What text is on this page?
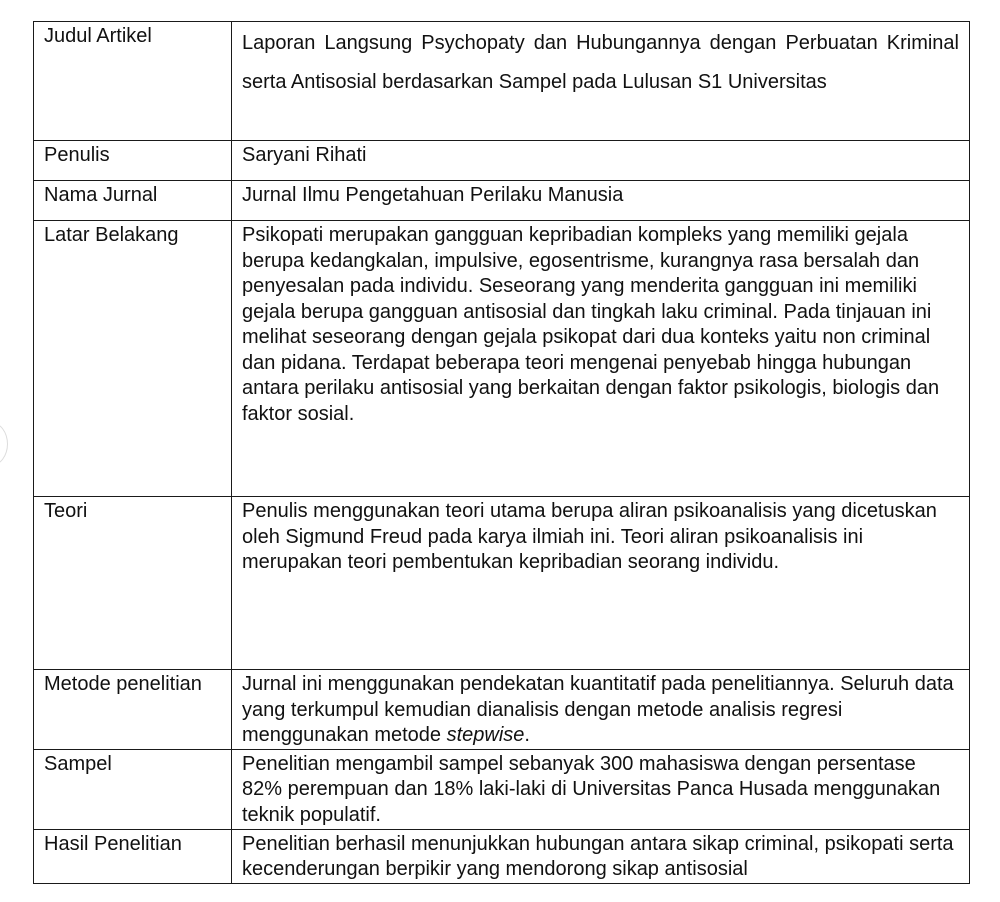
Judul Artikel	Laporan Langsung Psychopaty dan Hubungannya dengan Perbuatan Kriminal serta Antisosial berdasarkan Sampel pada Lulusan S1 Universitas
Penulis	Saryani Rihati
Nama Jurnal	Jurnal Ilmu Pengetahuan Perilaku Manusia
Latar Belakang	Psikopati merupakan gangguan kepribadian kompleks yang memiliki gejala berupa kedangkalan, impulsive, egosentrisme, kurangnya rasa bersalah dan penyesalan pada individu. Seseorang yang menderita gangguan ini memiliki gejala berupa gangguan antisosial dan tingkah laku criminal. Pada tinjauan ini melihat seseorang dengan gejala psikopat dari dua konteks yaitu non criminal dan pidana. Terdapat beberapa teori mengenai penyebab hingga hubungan antara perilaku antisosial yang berkaitan dengan faktor psikologis, biologis dan faktor sosial.
Teori	Penulis menggunakan teori utama berupa aliran psikoanalisis yang dicetuskan oleh Sigmund Freud pada karya ilmiah ini. Teori aliran psikoanalisis ini merupakan teori pembentukan kepribadian seorang individu.
Metode penelitian	Jurnal ini menggunakan pendekatan kuantitatif pada penelitiannya. Seluruh data yang terkumpul kemudian dianalisis dengan metode analisis regresi menggunakan metode stepwise.
Sampel	Penelitian mengambil sampel sebanyak 300 mahasiswa dengan persentase 82% perempuan dan 18% laki-laki di Universitas Panca Husada menggunakan teknik populatif.
Hasil Penelitian	Penelitian berhasil menunjukkan hubungan antara sikap criminal, psikopati serta kecenderungan berpikir yang mendorong sikap antisosial
